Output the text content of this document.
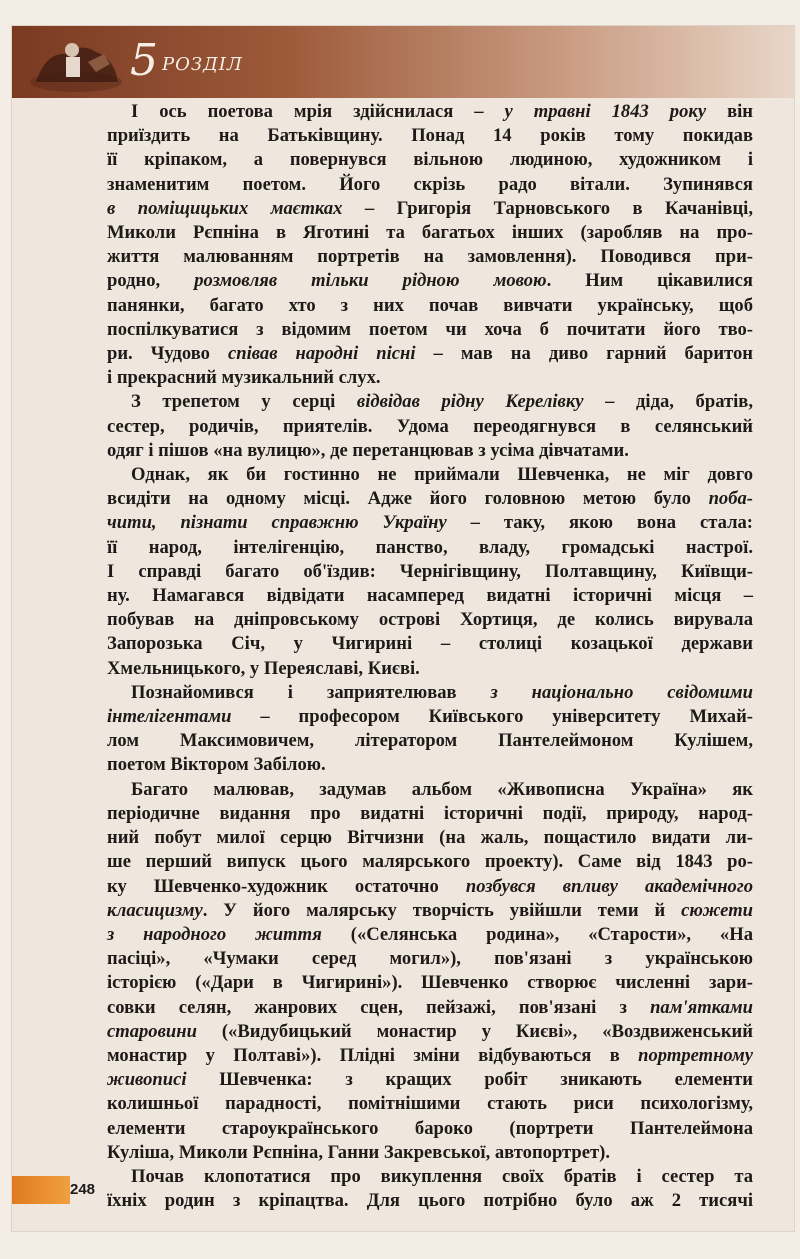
5 РОЗДІЛ

І ось поетова мрія здійснилася – у травні 1843 року він
приїздить на Батьківщину. Понад 14 років тому покидав
її кріпаком, а повернувся вільною людиною, художником і
знаменитим поетом. Його скрізь радо вітали. Зупинявся
в поміщицьких маєтках – Григорія Тарновського в Качанівці,
Миколи Рєпніна в Яготині та багатьох інших (заробляв на про-
життя малюванням портретів на замовлення). Поводився при-
родно, розмовляв тільки рідною мовою. Ним цікавилися
панянки, багато хто з них почав вивчати українську, щоб
поспілкуватися з відомим поетом чи хоча б почитати його тво-
ри. Чудово співав народні пісні – мав на диво гарний баритон
і прекрасний музикальний слух.

З трепетом у серці відвідав рідну Керелівку – діда, братів,
сестер, родичів, приятелів. Удома переодягнувся в селянський
одяг і пішов «на вулицю», де перетанцював з усіма дівчатами.

Однак, як би гостинно не приймали Шевченка, не міг довго
всидіти на одному місці. Адже його головною метою було поба-
чити, пізнати справжню Україну – таку, якою вона стала:
її народ, інтелігенцію, панство, владу, громадські настрої.
І справді багато об'їздив: Чернігівщину, Полтавщину, Київщи-
ну. Намагався відвідати насамперед видатні історичні місця –
побував на дніпровському острові Хортиця, де колись вирувала
Запорозька Січ, у Чигирині – столиці козацької держави
Хмельницького, у Переяславі, Києві.

Познайомився і заприятелював з національно свідомими
інтелігентами – професором Київського університету Михай-
лом Максимовичем, літератором Пантелеймоном Кулішем,
поетом Віктором Забілою.

Багато малював, задумав альбом «Живописна Україна» як
періодичне видання про видатні історичні події, природу, народ-
ний побут милої серцю Вітчизни (на жаль, пощастило видати ли-
ше перший випуск цього малярського проекту). Саме від 1843 ро-
ку Шевченко-художник остаточно позбувся впливу академічного
класицизму. У його малярську творчість увійшли теми й сюжети
з народного життя («Селянська родина», «Старости», «На
пасіці», «Чумаки серед могил»), пов'язані з українською
історією («Дари в Чигирині»). Шевченко створює численні зари-
совки селян, жанрових сцен, пейзажі, пов'язані з пам'ятками
старовини («Видубицький монастир у Києві», «Воздвиженський
монастир у Полтаві»). Плідні зміни відбуваються в портретному
живописі Шевченка: з кращих робіт зникають елементи
колишньої парадності, помітнішими стають риси психологізму,
елементи староукраїнського бароко (портрети Пантелеймона
Куліша, Миколи Рєпніна, Ганни Закревської, автопортрет).

Почав клопотатися про викуплення своїх братів і сестер та
їхніх родин з кріпацтва. Для цього потрібно було аж 2 тисячі

248
